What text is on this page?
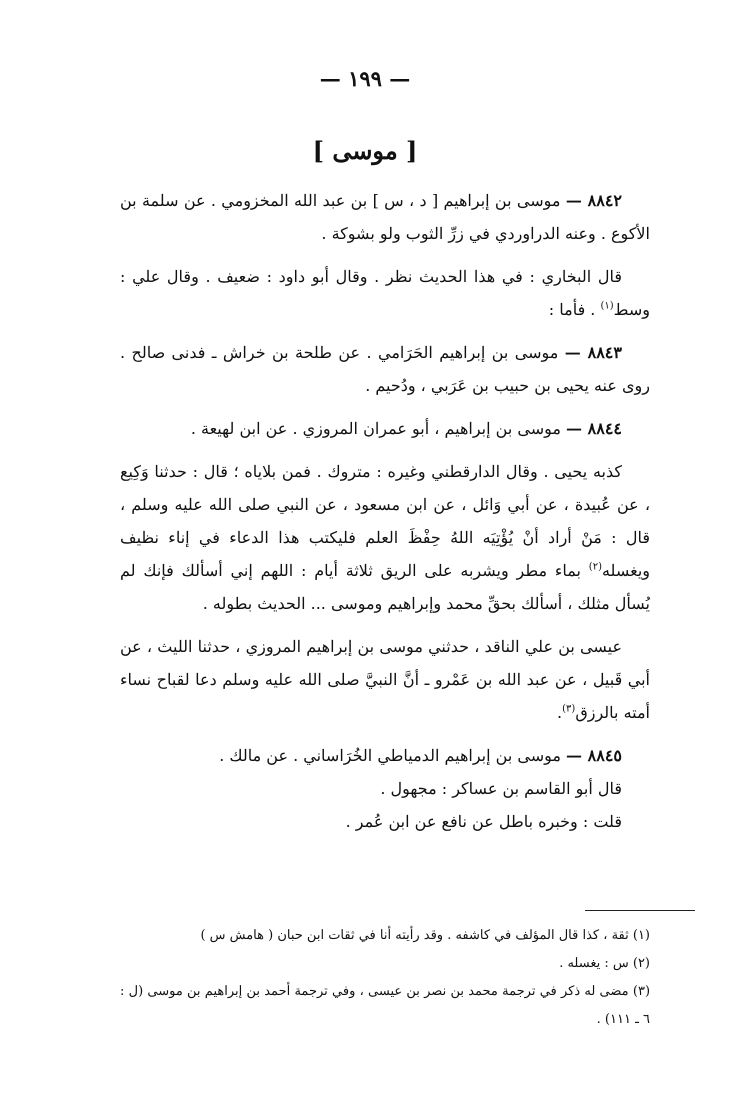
— ١٩٩ —
[ موسى ]

٨٨٤٢ — موسى بن إبراهيم [ د ، س ] بن عبد الله المخزومي . عن سلمة بن الأكوع . وعنه الدراوردي في زرِّ الثوب ولو بشوكة .

قال البخاري : في هذا الحديث نظر . وقال أبو داود : ضعيف . وقال علي : وسط$^{(١)}$ . فأما :

٨٨٤٣ — موسى بن إبراهيم الحَرَامي . عن طلحة بن خراش ـ فدنى صالح . روى عنه يحيى بن حبيب بن عَرَبي ، ودُحيم .

٨٨٤٤ — موسى بن إبراهيم ، أبو عمران المروزي . عن ابن لهيعة .

كذبه يحيى . وقال الدارقطني وغيره : متروك . فمن بلاياه ؛ قال : حدثنا وَكِيع ، عن عُبيدة ، عن أبي وَائل ، عن ابن مسعود ، عن النبي صلى الله عليه وسلم ، قال : مَنْ أراد أنْ يُؤْتِيَه اللهُ حِفْظَ العلم فليكتب هذا الدعاء في إناء نظيف ويغسله$^{(٢)}$ بماء مطر ويشربه على الريق ثلاثة أيام : اللهم إني أسألك فإنك لم يُسأل مثلك ، أسألك بحقِّ محمد وإبراهيم وموسى ... الحديث بطوله .

عيسى بن علي الناقد ، حدثني موسى بن إبراهيم المروزي ، حدثنا الليث ، عن أبي قَبيل ، عن عبد الله بن عَمْرو ـ أنَّ النبيَّ صلى الله عليه وسلم دعا لقباح نساء أمته بالرزق$^{(٣)}$.

٨٨٤٥ — موسى بن إبراهيم الدمياطي الخُرَاساني . عن مالك .

قال أبو القاسم بن عساكر : مجهول .

قلت : وخبره باطل عن نافع عن ابن عُمر .

(١) ثقة ، كذا قال المؤلف في كاشفه . وقد رأيته أنا في ثقات ابن حبان ( هامش س )

(٢) س : يغسله .

(٣) مضى له ذكر في ترجمة محمد بن نصر بن عيسى ، وفي ترجمة أحمد بن إبراهيم بن موسى (ل : ٦ ـ ١١١) .
